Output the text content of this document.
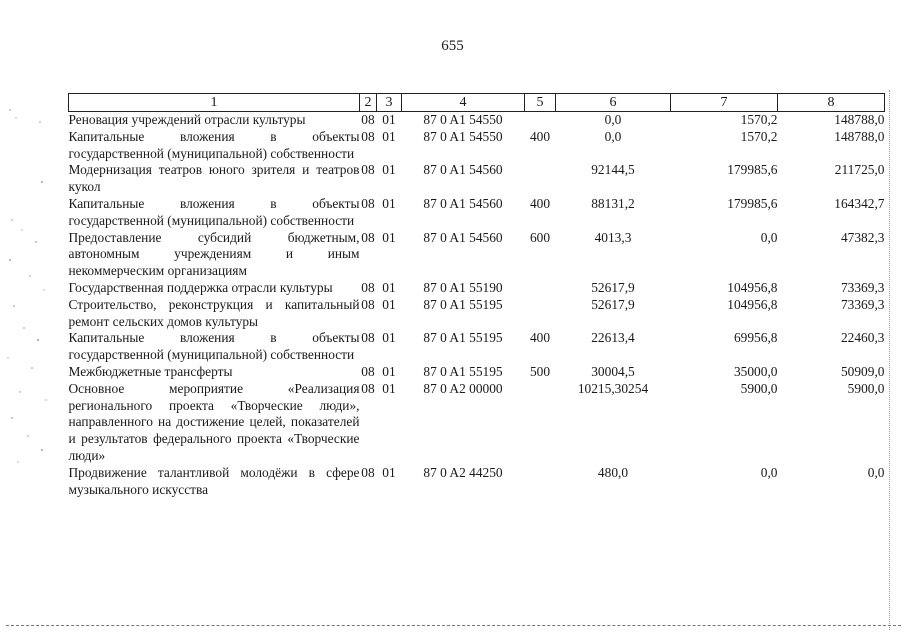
655
1	2	3	4	5	6	7	8
Реновация учреждений отрасли культуры	08	01	87 0 A1 54550		0,0	1570,2	148788,0
Капитальные вложения в объекты государственной (муниципальной) собственности	08	01	87 0 A1 54550	400	0,0	1570,2	148788,0
Модернизация театров юного зрителя и театров кукол	08	01	87 0 A1 54560		92144,5	179985,6	211725,0
Капитальные вложения в объекты государственной (муниципальной) собственности	08	01	87 0 A1 54560	400	88131,2	179985,6	164342,7
Предоставление субсидий бюджетным, автономным учреждениям и иным некоммерческим организациям	08	01	87 0 A1 54560	600	4013,3	0,0	47382,3
Государственная поддержка отрасли культуры	08	01	87 0 A1 55190		52617,9	104956,8	73369,3
Строительство, реконструкция и капитальный ремонт сельских домов культуры	08	01	87 0 A1 55195		52617,9	104956,8	73369,3
Капитальные вложения в объекты государственной (муниципальной) собственности	08	01	87 0 A1 55195	400	22613,4	69956,8	22460,3
Межбюджетные трансферты	08	01	87 0 A1 55195	500	30004,5	35000,0	50909,0
Основное мероприятие «Реализация регионального проекта «Творческие люди», направленного на достижение целей, показателей и результатов федерального проекта «Творческие люди»	08	01	87 0 A2 00000		10215,30254	5900,0	5900,0
Продвижение талантливой молодёжи в сфере музыкального искусства	08	01	87 0 A2 44250		480,0	0,0	0,0
